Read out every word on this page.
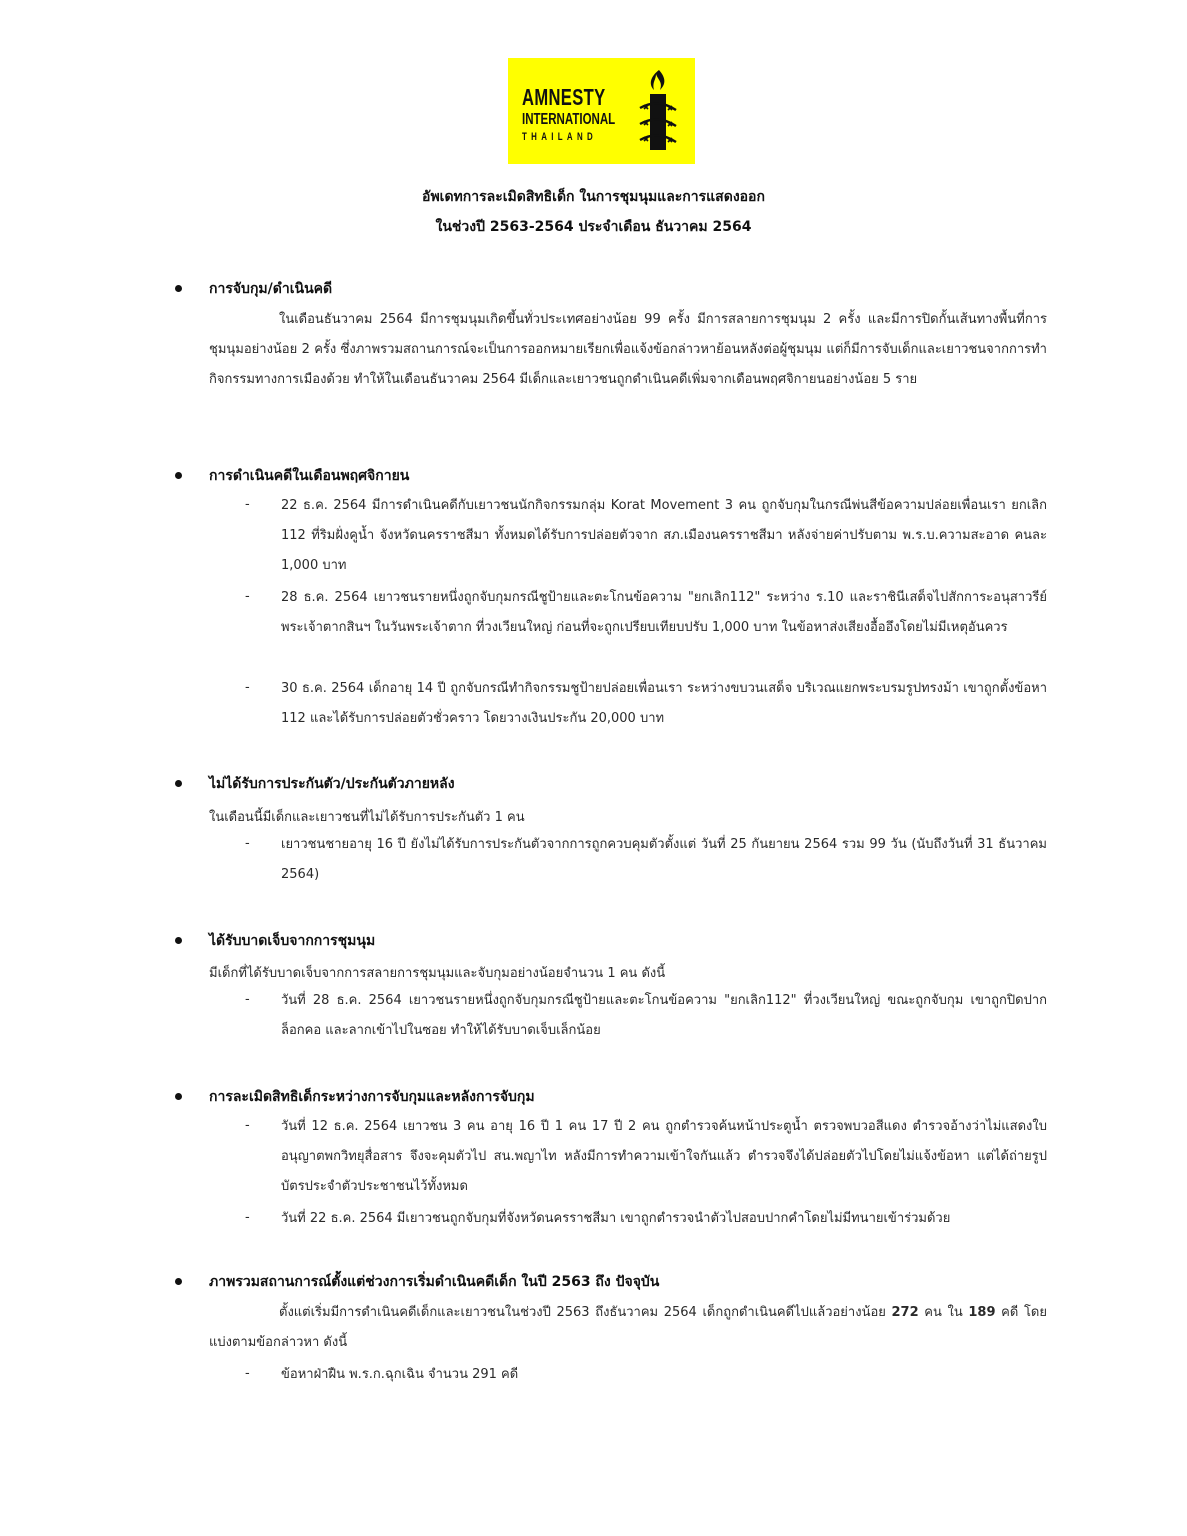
AMNESTY
INTERNATIONAL
THAILAND
อัพเดทการละเมิดสิทธิเด็ก ในการชุมนุมและการแสดงออก
ในช่วงปี 2563-2564 ประจำเดือน ธันวาคม 2564
การจับกุม/ดำเนินคดี
ในเดือนธันวาคม 2564 มีการชุมนุมเกิดขึ้นทั่วประเทศอย่างน้อย 99 ครั้ง มีการสลายการชุมนุม 2 ครั้ง และมีการปิดกั้นเส้นทางพื้นที่การชุมนุมอย่างน้อย 2 ครั้ง ซึ่งภาพรวมสถานการณ์จะเป็นการออกหมายเรียกเพื่อแจ้งข้อกล่าวหาย้อนหลังต่อผู้ชุมนุม แต่ก็มีการจับเด็กและเยาวชนจากการทำกิจกรรมทางการเมืองด้วย ทำให้ในเดือนธันวาคม 2564 มีเด็กและเยาวชนถูกดำเนินคดีเพิ่มจากเดือนพฤศจิกายนอย่างน้อย 5 ราย
การดำเนินคดีในเดือนพฤศจิกายน
- 22 ธ.ค. 2564 มีการดำเนินคดีกับเยาวชนนักกิจกรรมกลุ่ม Korat Movement 3 คน ถูกจับกุมในกรณีพ่นสีข้อความปล่อยเพื่อนเรา ยกเลิก 112 ที่ริมฝั่งคูน้ำ จังหวัดนครราชสีมา ทั้งหมดได้รับการปล่อยตัวจาก สภ.เมืองนครราชสีมา หลังจ่ายค่าปรับตาม พ.ร.บ.ความสะอาด คนละ 1,000 บาท
- 28 ธ.ค. 2564 เยาวชนรายหนึ่งถูกจับกุมกรณีชูป้ายและตะโกนข้อความ "ยกเลิก112" ระหว่าง ร.10 และราชินีเสด็จไปสักการะอนุสาวรีย์ พระเจ้าตากสินฯ ในวันพระเจ้าตาก ที่วงเวียนใหญ่ ก่อนที่จะถูกเปรียบเทียบปรับ 1,000 บาท ในข้อหาส่งเสียงอื้ออึงโดยไม่มีเหตุอันควร
- 30 ธ.ค. 2564 เด็กอายุ 14 ปี ถูกจับกรณีทำกิจกรรมชูป้ายปล่อยเพื่อนเรา ระหว่างขบวนเสด็จ บริเวณแยกพระบรมรูปทรงม้า เขาถูกตั้งข้อหา 112 และได้รับการปล่อยตัวชั่วคราว โดยวางเงินประกัน 20,000 บาท
ไม่ได้รับการประกันตัว/ประกันตัวภายหลัง
ในเดือนนี้มีเด็กและเยาวชนที่ไม่ได้รับการประกันตัว 1 คน
- เยาวชนชายอายุ 16 ปี ยังไม่ได้รับการประกันตัวจากการถูกควบคุมตัวตั้งแต่ วันที่ 25 กันยายน 2564 รวม 99 วัน (นับถึงวันที่ 31 ธันวาคม 2564)
ได้รับบาดเจ็บจากการชุมนุม
มีเด็กที่ได้รับบาดเจ็บจากการสลายการชุมนุมและจับกุมอย่างน้อยจำนวน 1 คน ดังนี้
- วันที่ 28 ธ.ค. 2564 เยาวชนรายหนึ่งถูกจับกุมกรณีชูป้ายและตะโกนข้อความ "ยกเลิก112" ที่วงเวียนใหญ่ ขณะถูกจับกุม เขาถูกปิดปาก ล็อกคอ และลากเข้าไปในซอย ทำให้ได้รับบาดเจ็บเล็กน้อย
การละเมิดสิทธิเด็กระหว่างการจับกุมและหลังการจับกุม
- วันที่ 12 ธ.ค. 2564 เยาวชน 3 คน อายุ 16 ปี 1 คน 17 ปี 2 คน ถูกตำรวจค้นหน้าประตูน้ำ ตรวจพบวอสีแดง ตำรวจอ้างว่าไม่แสดงใบอนุญาตพกวิทยุสื่อสาร จึงจะคุมตัวไป สน.พญาไท หลังมีการทำความเข้าใจกันแล้ว ตำรวจจึงได้ปล่อยตัวไปโดยไม่แจ้งข้อหา แต่ได้ถ่ายรูปบัตรประจำตัวประชาชนไว้ทั้งหมด
- วันที่ 22 ธ.ค. 2564 มีเยาวชนถูกจับกุมที่จังหวัดนครราชสีมา เขาถูกตำรวจนำตัวไปสอบปากคำโดยไม่มีทนายเข้าร่วมด้วย
ภาพรวมสถานการณ์ตั้งแต่ช่วงการเริ่มดำเนินคดีเด็ก ในปี 2563 ถึง ปัจจุบัน
ตั้งแต่เริ่มมีการดำเนินคดีเด็กและเยาวชนในช่วงปี 2563 ถึงธันวาคม 2564 เด็กถูกดำเนินคดีไปแล้วอย่างน้อย 272 คน ใน 189 คดี โดยแบ่งตามข้อกล่าวหา ดังนี้
- ข้อหาฝ่าฝืน พ.ร.ก.ฉุกเฉิน จำนวน 291 คดี
